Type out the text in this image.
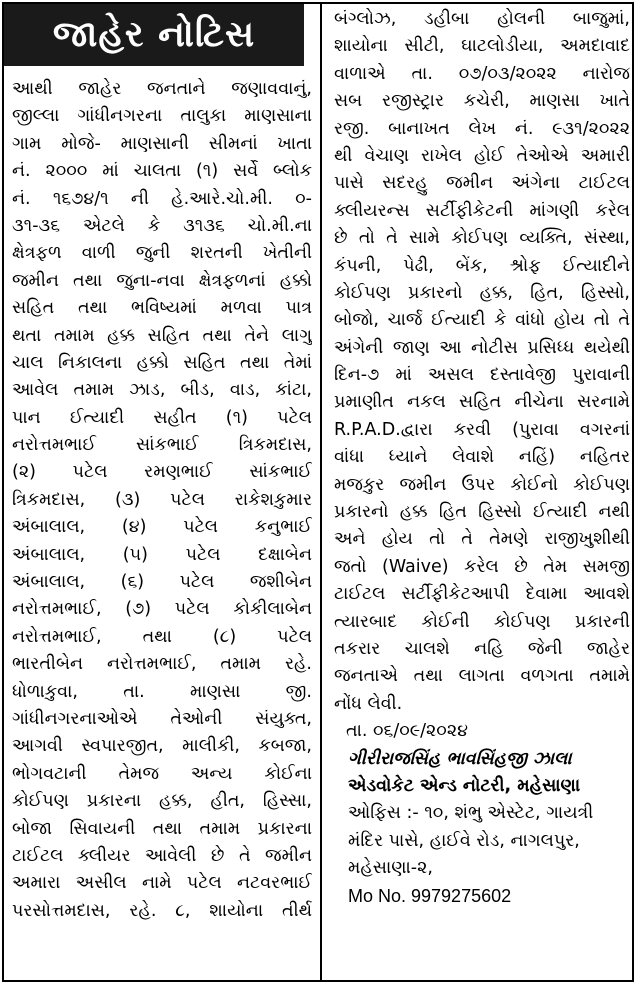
જાહેર નોટિસ
આથી જાહેર જનતાને જણાવવાનું,
જીલ્લા ગાંધીનગરના તાલુકા માણસાના
ગામ મોજે- માણસાની સીમનાં ખાતા
નં. ૨૦૦૦ માં ચાલતા (૧) સર્વે બ્લોક
નં. ૧૬૭૪/૧ ની હે.આરે.ચો.મી. ૦-
૩૧-૩૬ એટલે કે ૩૧૩૬ ચો.મી.ના
ક્ષેત્રફળ વાળી જુની શરતની ખેતીની
જમીન તથા જુના-નવા ક્ષેત્રફળનાં હક્કો
સહિત તથા ભવિષ્યમાં મળવા પાત્ર
થતા તમામ હક્ક સહિત તથા તેને લાગુ
ચાલ નિકાલના હક્કો સહિત તથા તેમાં
આવેલ તમામ ઝાડ, બીડ, વાડ, કાંટા,
પાન ઈત્યાદી સહીત (૧) પટેલ
નરોત્તમભાઈ સાંકભાઈ ત્રિકમદાસ,
(૨) પટેલ રમણભાઈ સાંકભાઈ
ત્રિકમદાસ, (૩) પટેલ રાકેશકુમાર
અંબાલાલ, (૪) પટેલ કનુભાઈ
અંબાલાલ, (૫) પટેલ દક્ષાબેન
અંબાલાલ, (૬) પટેલ જશીબેન
નરોત્તમભાઈ, (૭) પટેલ કોકીલાબેન
નરોત્તમભાઈ, તથા (૮) પટેલ
ભારતીબેન નરોત્તમભાઈ, તમામ રહે.
ધોળાકુવા, તા. માણસા જી.
ગાંધીનગરનાઓએ તેઓની સંયુક્ત,
આગવી સ્વપારજીત, માલીકી, કબજા,
ભોગવટાની તેમજ અન્ય કોઈના
કોઈપણ પ્રકારના હક્ક, હીત, હિસ્સા,
બોજા સિવાયની તથા તમામ પ્રકારના
ટાઈટલ ક્લીયર આવેલી છે તે જમીન
અમારા અસીલ નામે પટેલ નટવરભાઈ
પરસોત્તમદાસ, રહે. ૮, શાયોના તીર્થ
બંગ્લોઝ, ડહીબા હોલની બાજુમાં,
શાયોના સીટી, ઘાટલોડીયા, અમદાવાદ
વાળાએ તા. ૦૭/૦૩/૨૦૨૨ નારોજ
સબ રજીસ્ટ્રાર કચેરી, માણસા ખાતે
રજી. બાનાખત લેખ નં. ૯૩૧/૨૦૨૨
થી વેચાણ રાખેલ હોઈ તેઓએ અમારી
પાસે સદરહુ જમીન અંગેના ટાઈટલ
ક્લીયરન્સ સર્ટીફીકેટની માંગણી કરેલ
છે તો તે સામે કોઈપણ વ્યક્તિ, સંસ્થા,
કંપની, પેઢી, બેંક, શ્રોફ ઈત્યાદીને
કોઈપણ પ્રકારનો હક્ક, હિત, હિસ્સો,
બોજો, ચાર્જ ઈત્યાદી કે વાંધો હોય તો તે
અંગેની જાણ આ નોટીસ પ્રસિધ્ધ થયેથી
દિન-૭ માં અસલ દસ્તાવેજી પુરાવાની
પ્રમાણીત નકલ સહિત નીચેના સરનામે
R.P.A.D.દ્વારા કરવી (પુરાવા વગરનાં
વાંધા ધ્યાને લેવાશે નહિં) નહિતર
મજકુર જમીન ઉપર કોઈનો કોઈપણ
પ્રકારનો હક્ક હિત હિસ્સો ઈત્યાદી નથી
અને હોય તો તે તેમણે રાજીખુશીથી
જતો (Waive) કરેલ છે તેમ સમજી
ટાઈટલ સર્ટીફીકેટઆપી દેવામા આવશે
ત્યારબાદ કોઈની કોઈપણ પ્રકારની
તકરાર ચાલશે નહિ જેની જાહેર
જનતાએ તથા લાગતા વળગતા તમામે
નોંધ લેવી.
તા. ૦૬/૦૯/૨૦૨૪
ગીરીરાજસિંહ ભાવસિંહજી ઝાલા
એડવોકેટ એન્ડ નોટરી, મહેસાણા
ઓફિસ :- ૧૦, શંભુ એસ્ટેટ, ગાયત્રી
મંદિર પાસે, હાઈવે રોડ, નાગલપુર,
મહેસાણા-૨,
Mo No. 9979275602
